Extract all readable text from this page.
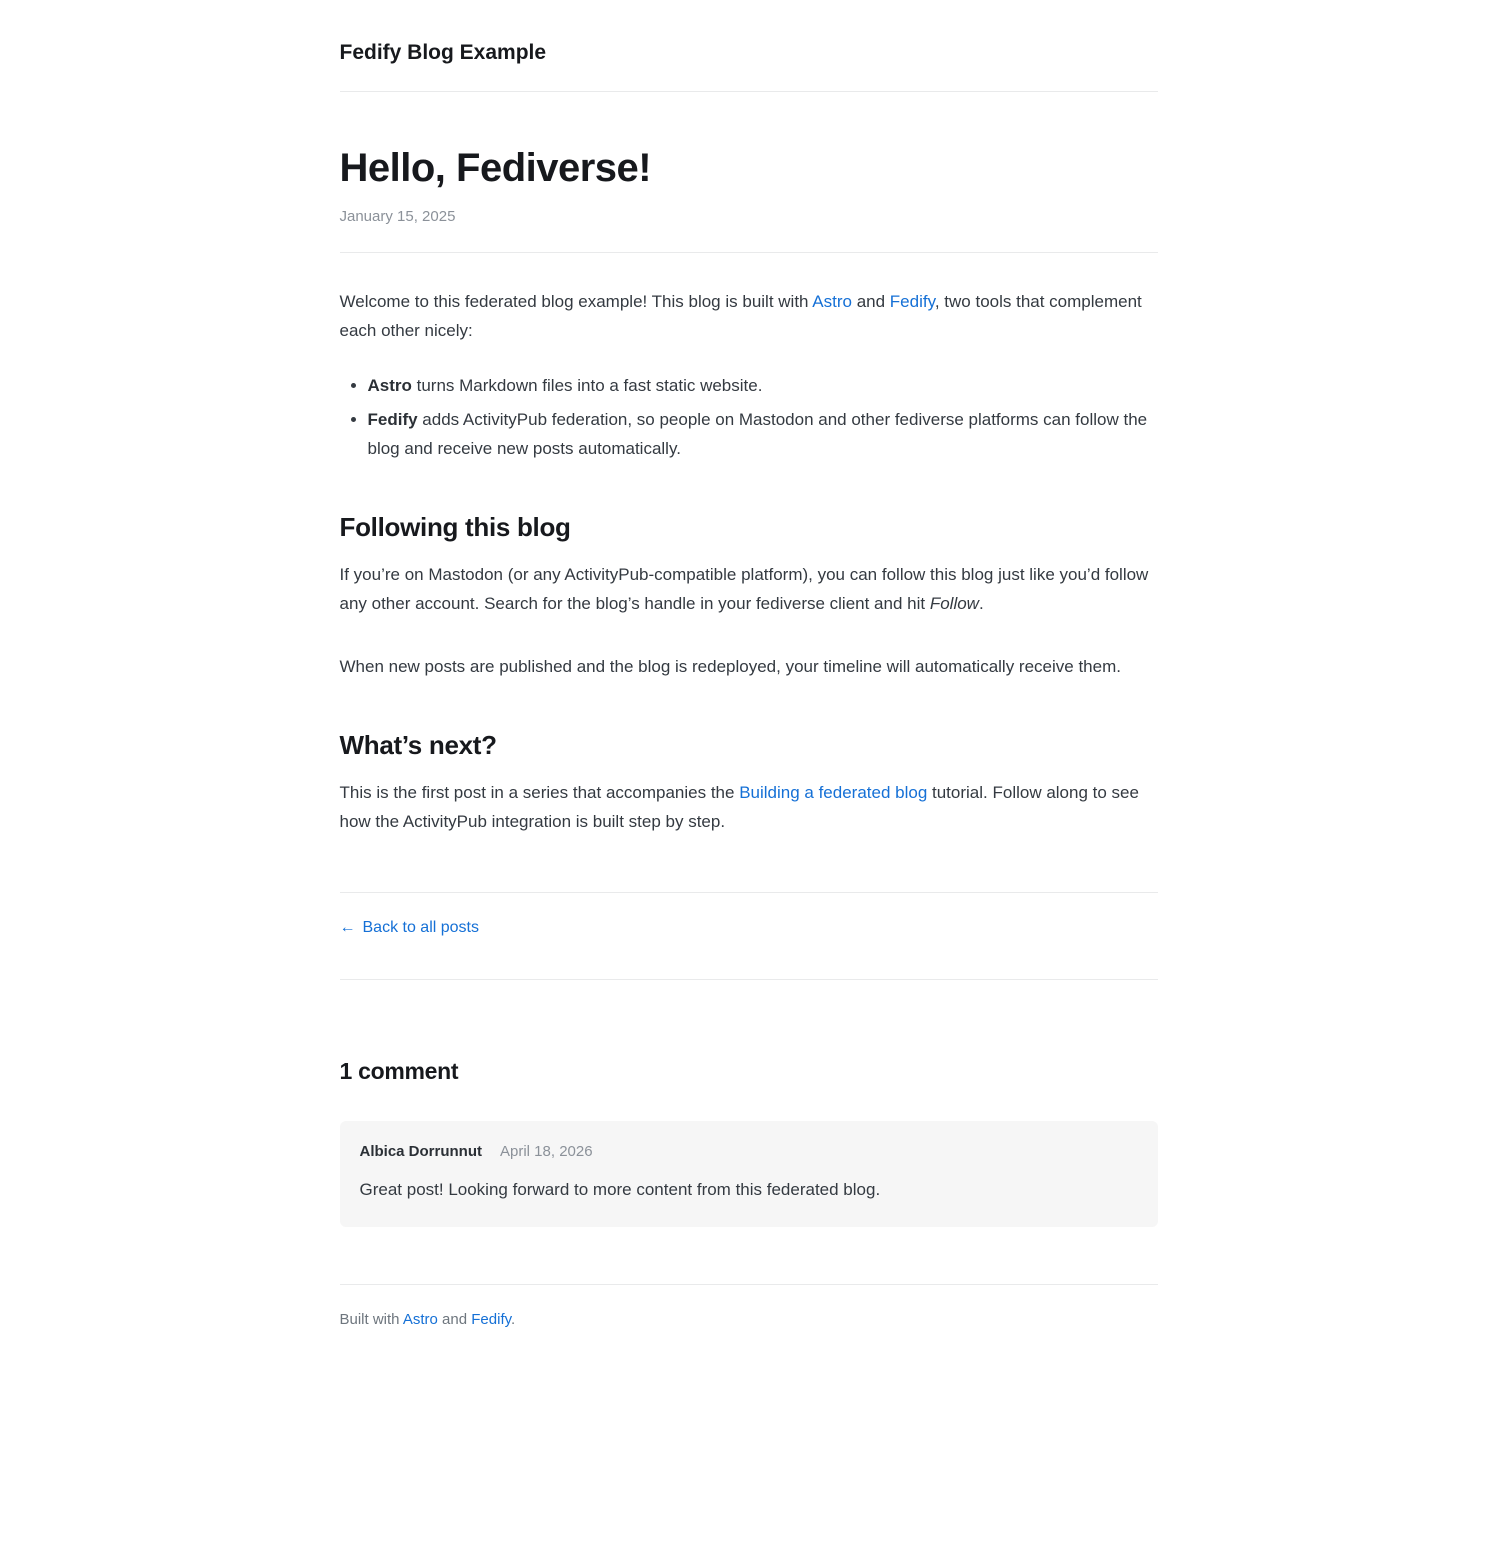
Fedify Blog Example
Hello, Fediverse!
January 15, 2025

Welcome to this federated blog example! This blog is built with Astro and Fedify, two tools that complement each other nicely:

• Astro turns Markdown files into a fast static website.
• Fedify adds ActivityPub federation, so people on Mastodon and other fediverse platforms can follow the blog and receive new posts automatically.
Following this blog

If you’re on Mastodon (or any ActivityPub-compatible platform), you can follow this blog just like you’d follow any other account. Search for the blog’s handle in your fediverse client and hit Follow.

When new posts are published and the blog is redeployed, your timeline will automatically receive them.

What’s next?

This is the first post in a series that accompanies the Building a federated blog tutorial. Follow along to see how the ActivityPub integration is built step by step.

← Back to all posts
1 comment
Albica Dorrunnut April 18, 2026

Great post! Looking forward to more content from this federated blog.

Built with Astro and Fedify.
